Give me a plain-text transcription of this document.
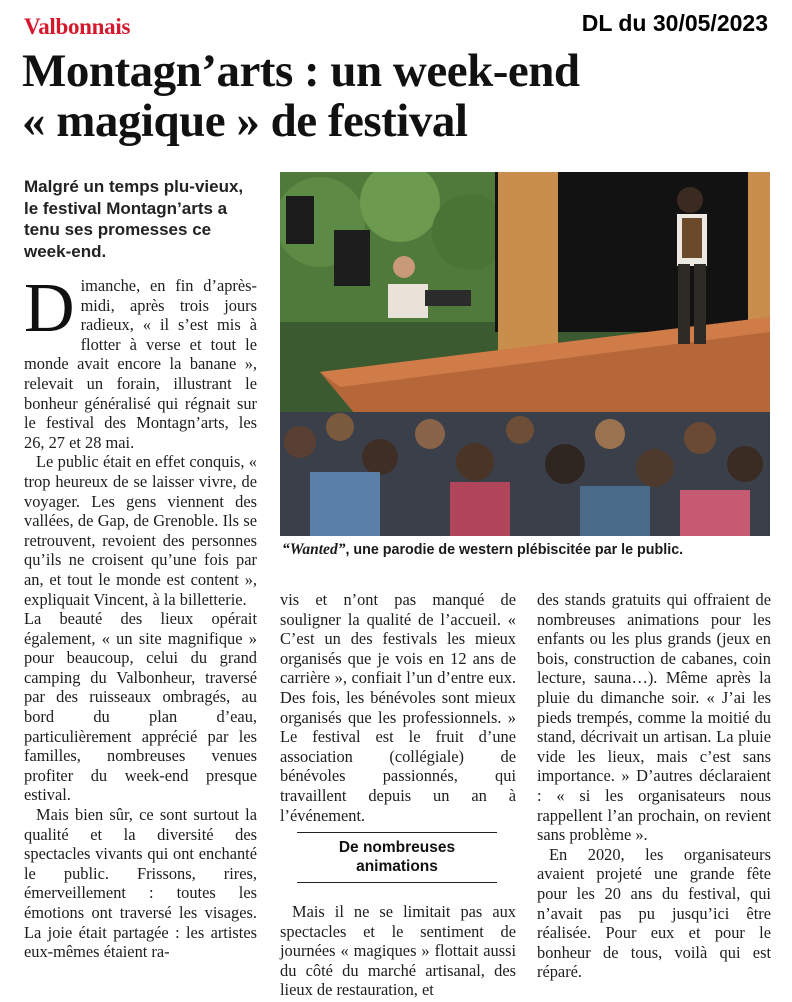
Valbonnais	DL du 30/05/2023
Montagn’arts : un week-end
« magique » de festival
Malgré un temps plu-vieux, le festival Montagn’arts a tenu ses promesses ce week-end.

Dimanche, en fin d’après-midi, après trois jours radieux, « il s’est mis à flotter à verse et tout le monde avait encore la banane », relevait un forain, illustrant le bonheur généralisé qui régnait sur le festival des Montagn’arts, les 26, 27 et 28 mai.

Le public était en effet conquis, « trop heureux de se laisser vivre, de voyager. Les gens viennent des vallées, de Gap, de Grenoble. Ils se retrouvent, revoient des personnes qu’ils ne croisent qu’une fois par an, et tout le monde est content », expliquait Vincent, à la billetterie.

La beauté des lieux opérait également, « un site magnifique » pour beaucoup, celui du grand camping du Valbonheur, traversé par des ruisseaux ombragés, au bord du plan d’eau, particulièrement apprécié par les familles, nombreuses venues profiter du week-end presque estival.

Mais bien sûr, ce sont surtout la qualité et la diversité des spectacles vivants qui ont enchanté le public. Frissons, rires, émerveillement : toutes les émotions ont traversé les visages. La joie était partagée : les artistes eux-mêmes étaient ra-

“Wanted”, une parodie de western plébiscitée par le public.

vis et n’ont pas manqué de souligner la qualité de l’accueil. « C’est un des festivals les mieux organisés que je vois en 12 ans de carrière », confiait l’un d’entre eux. Des fois, les bénévoles sont mieux organisés que les professionnels. » Le festival est le fruit d’une association (collégiale) de bénévoles passionnés, qui travaillent depuis un an à l’événement.

De nombreuses animations

Mais il ne se limitait pas aux spectacles et le sentiment de journées « magiques » flottait aussi du côté du marché artisanal, des lieux de restauration, et

des stands gratuits qui offraient de nombreuses animations pour les enfants ou les plus grands (jeux en bois, construction de cabanes, coin lecture, sauna…). Même après la pluie du dimanche soir. « J’ai les pieds trempés, comme la moitié du stand, décrivait un artisan. La pluie vide les lieux, mais c’est sans importance. » D’autres déclaraient : « si les organisateurs nous rappellent l’an prochain, on revient sans problème ».

En 2020, les organisateurs avaient projeté une grande fête pour les 20 ans du festival, qui n’avait pas pu jusqu’ici être réalisée. Pour eux et pour le bonheur de tous, voilà qui est réparé.
